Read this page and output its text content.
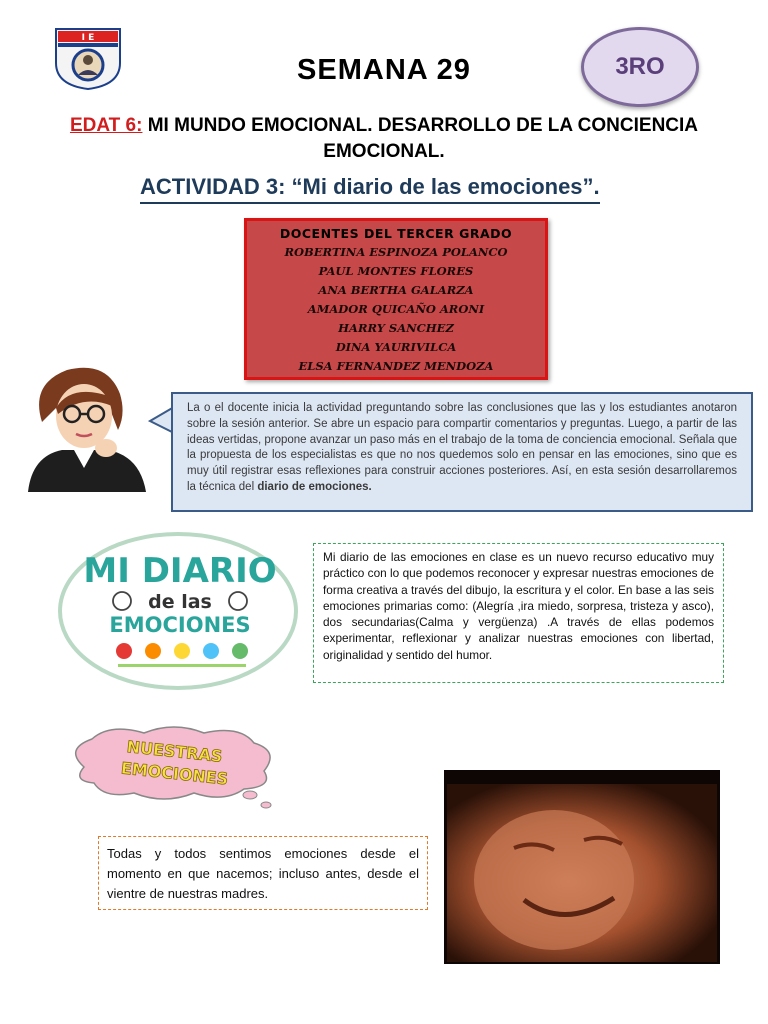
I E
SEMANA 29	3RO
EDAT 6: MI MUNDO EMOCIONAL. DESARROLLO DE LA CONCIENCIA EMOCIONAL.
ACTIVIDAD 3: “Mi diario de las emociones”.
DOCENTES DEL TERCER GRADO
ROBERTINA ESPINOZA POLANCO
PAUL MONTES FLORES
ANA BERTHA GALARZA
AMADOR QUICAÑO ARONI
HARRY SANCHEZ
DINA YAURIVILCA
ELSA FERNANDEZ MENDOZA
La o el docente inicia la actividad preguntando sobre las conclusiones que las y los estudiantes anotaron sobre la sesión anterior. Se abre un espacio para compartir comentarios y preguntas. Luego, a partir de las ideas vertidas, propone avanzar un paso más en el trabajo de la toma de conciencia emocional. Señala que la propuesta de los especialistas es que no nos quedemos solo en pensar en las emociones, sino que es muy útil registrar esas reflexiones para construir acciones posteriores. Así, en esta sesión desarrollaremos la técnica del diario de emociones.
MI DIARIO
de las
EMOCIONES
Mi diario de las emociones en clase es un nuevo recurso educativo muy práctico con lo que podemos reconocer y expresar nuestras emociones de forma creativa a través del dibujo, la escritura y el color. En base a las seis emociones primarias como: (Alegría ,ira miedo, sorpresa, tristeza y asco), dos secundarias(Calma y vergüenza) .A través de ellas podemos experimentar, reflexionar y analizar nuestras emociones con libertad, originalidad y sentido del humor.
NUESTRAS
EMOCIONES
Todas y todos sentimos emociones desde el momento en que nacemos; incluso antes, desde el vientre de nuestras madres.
